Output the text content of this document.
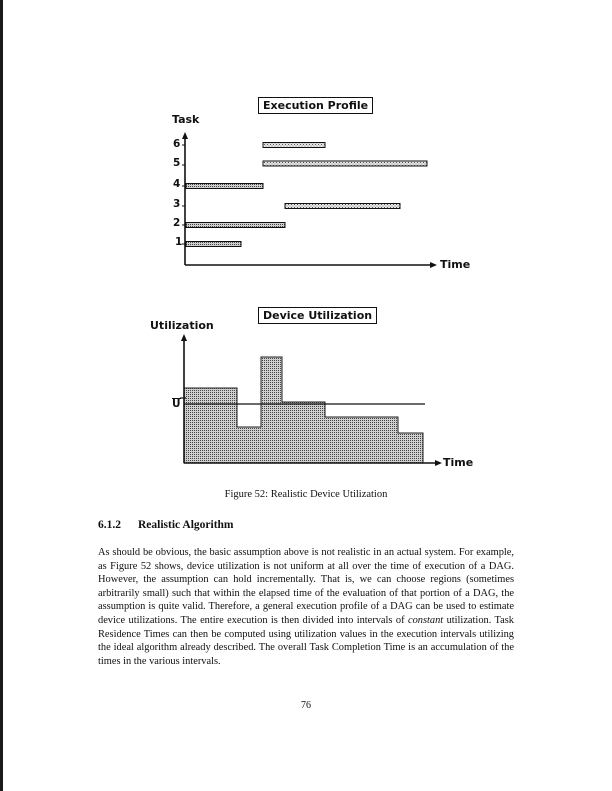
Execution Profile
Task
Time
6
5
4
3
2
1
Device Utilization
Utilization
Time
U
Figure 52: Realistic Device Utilization
6.1.2 Realistic Algorithm

As should be obvious, the basic assumption above is not realistic in an actual system. For example, as Figure 52 shows, device utilization is not uniform at all over the time of execution of a DAG. However, the assumption can hold incrementally. That is, we can choose regions (sometimes arbitrarily small) such that within the elapsed time of the evaluation of that portion of a DAG, the assumption is quite valid. Therefore, a general execution profile of a DAG can be used to estimate device utilizations. The entire execution is then divided into intervals of constant utilization. Task Residence Times can then be computed using utilization values in the execution intervals utilizing the ideal algorithm already described. The overall Task Completion Time is an accumulation of the times in the various intervals.

76
